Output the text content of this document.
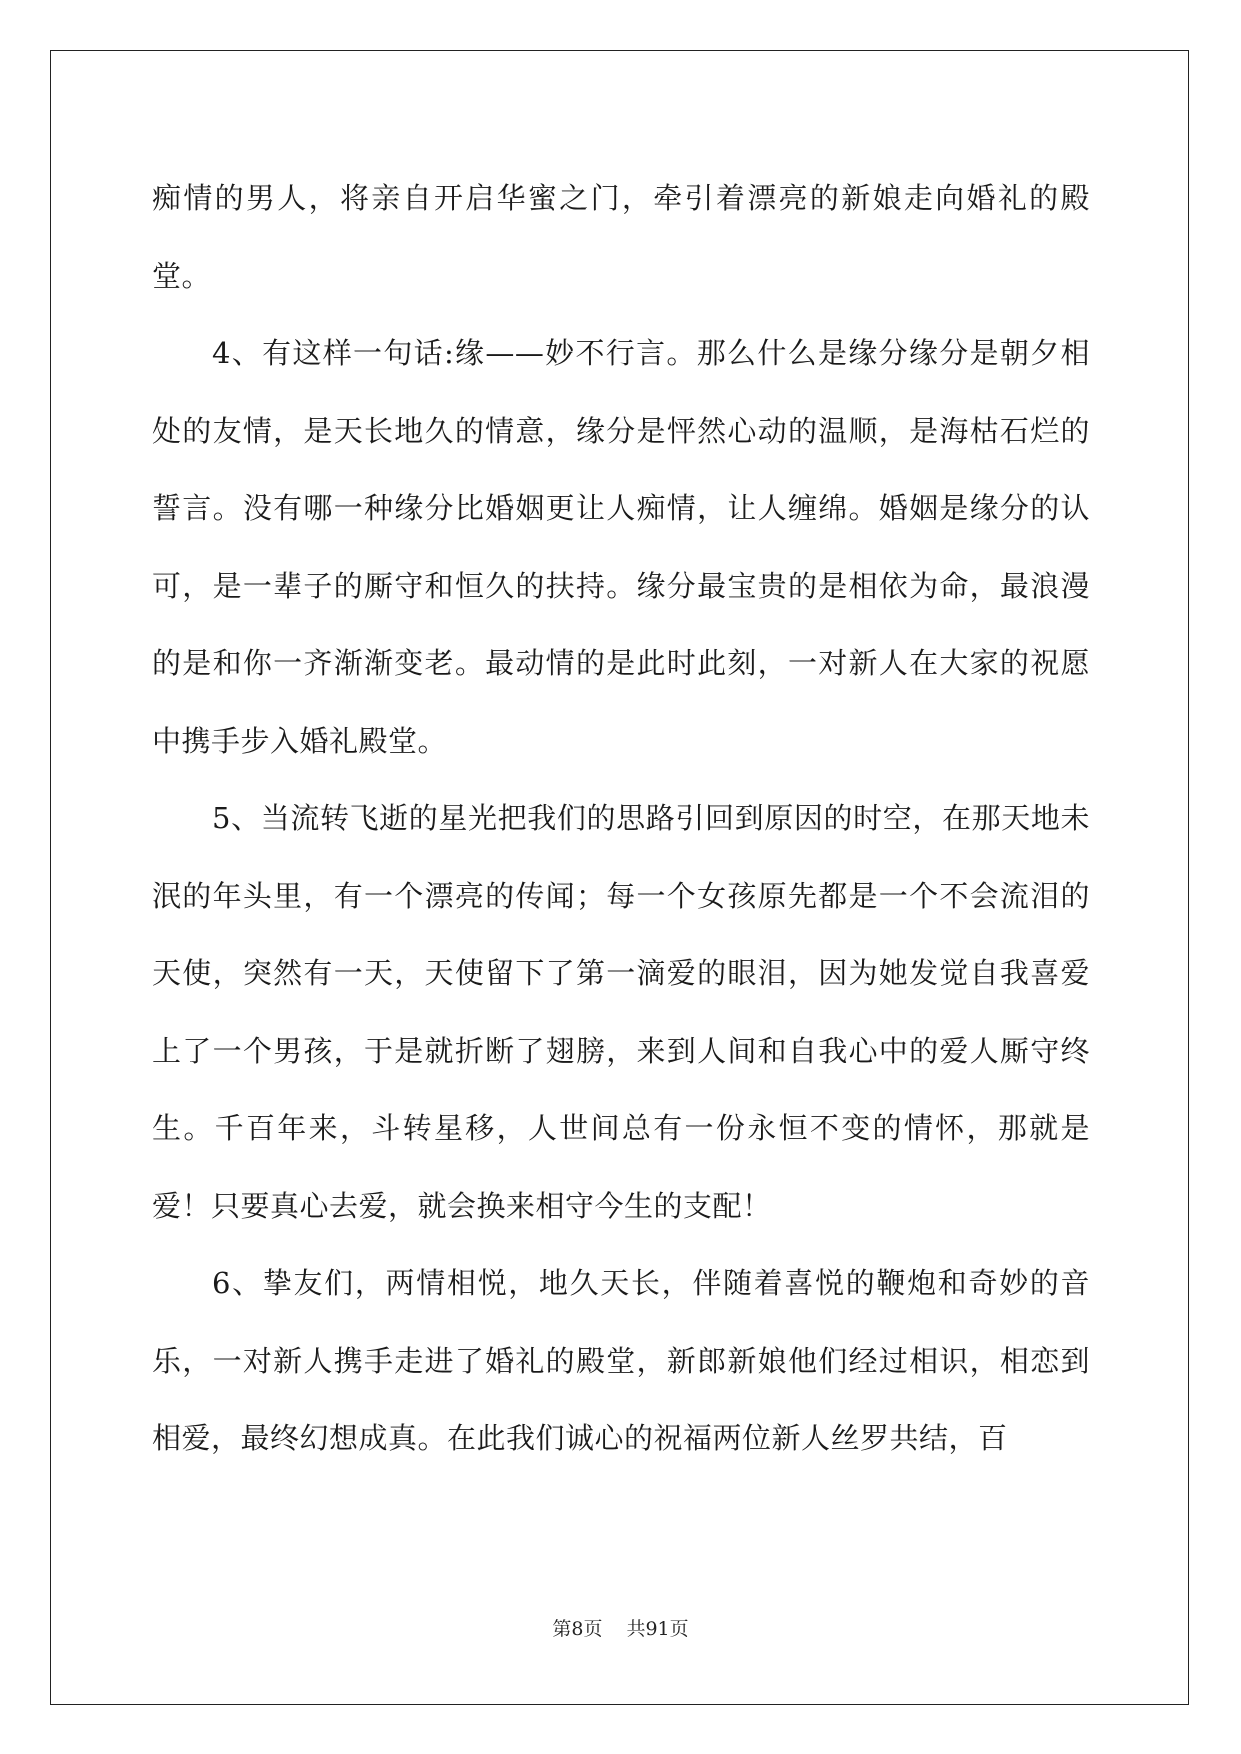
痴情的男人，将亲自开启华蜜之门，牵引着漂亮的新娘走向婚礼的殿堂。

4、有这样一句话:缘——妙不行言。那么什么是缘分缘分是朝夕相处的友情，是天长地久的情意，缘分是怦然心动的温顺，是海枯石烂的誓言。没有哪一种缘分比婚姻更让人痴情，让人缠绵。婚姻是缘分的认可，是一辈子的厮守和恒久的扶持。缘分最宝贵的是相依为命，最浪漫的是和你一齐渐渐变老。最动情的是此时此刻，一对新人在大家的祝愿中携手步入婚礼殿堂。

5、当流转飞逝的星光把我们的思路引回到原因的时空，在那天地未泯的年头里，有一个漂亮的传闻；每一个女孩原先都是一个不会流泪的天使，突然有一天，天使留下了第一滴爱的眼泪，因为她发觉自我喜爱上了一个男孩，于是就折断了翅膀，来到人间和自我心中的爱人厮守终生。千百年来，斗转星移，人世间总有一份永恒不变的情怀，那就是爱！只要真心去爱，就会换来相守今生的支配！

6、挚友们，两情相悦，地久天长，伴随着喜悦的鞭炮和奇妙的音乐，一对新人携手走进了婚礼的殿堂，新郎新娘他们经过相识，相恋到相爱，最终幻想成真。在此我们诚心的祝福两位新人丝罗共结，百

第8页 共91页
